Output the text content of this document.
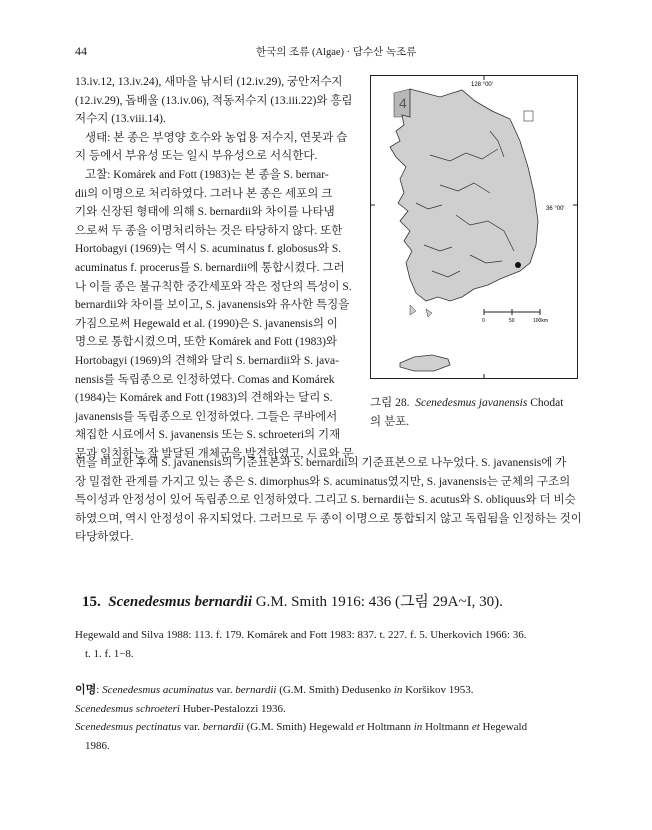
44	한국의 조류 (Algae) · 담수산 녹조류
13.iv.12, 13.iv.24), 새마을 낚시터 (12.iv.29), 궁안저수지
(12.iv.29), 돕배울 (13.iv.06), 적동저수지 (13.iii.22)와 흥림
저수지 (13.viii.14).
생태: 본 종은 부영양 호수와 농업용 저수지, 연못과 습
지 등에서 부유성 또는 일시 부유성으로 서식한다.
고찰: Komárek and Fott (1983)는 본 종을 S. bernar-
dii의 이명으로 처리하였다. 그러나 본 종은 세포의 크
기와 신장된 형태에 의해 S. bernardii와 차이를 나타냄
으로써 두 종을 이명처리하는 것은 타당하지 않다. 또한
Hortobagyi (1969)는 역시 S. acuminatus f. globosus와 S.
acuminatus f. procerus를 S. bernardii에 통합시켰다. 그러
나 이들 종은 불규칙한 중간세포와 작은 정단의 특성이 S.
bernardii와 차이를 보이고, S. javanensis와 유사한 특징을
가짐으로써 Hegewald et al. (1990)은 S. javanensis의 이
명으로 통합시켰으며, 또한 Komárek and Fott (1983)와
Hortobagyi (1969)의 견해와 달리 S. bernardii와 S. java-
nensis를 독립종으로 인정하였다. Comas and Komárek
(1984)는 Komárek and Fott (1983)의 견해와는 달리 S.
javanensis를 독립종으로 인정하였다. 그들은 쿠바에서
채집한 시료에서 S. javanensis 또는 S. schroeteri의 기재
문과 일치하는 잘 발달된 개체군을 발견하였고, 시료와 문
헌을 비교한 후에 S. javanensis의 기준표본과 S. bernardii의 기준표본으로 나누었다. S. javanensis에 가
장 밀접한 관계를 가지고 있는 종은 S. dimorphus와 S. acuminatus였지만, S. javanensis는 군체의 구조의
특이성과 안정성이 있어 독립종으로 인정하였다. 그리고 S. bernardii는 S. acutus와 S. obliquus와 더 비슷
하였으며, 역시 안정성이 유지되었다. 그러므로 두 종이 이명으로 통합되지 않고 독립됨을 인정하는 것이
타당하였다.
128 °00'
36 °00'
4
0	50	100km
그림 28. Scenedesmus javanensis Chodat
의 분포.
15. Scenedesmus bernardii G.M. Smith 1916: 436 (그림 29A~I, 30).
Hegewald and Silva 1988: 113. f. 179. Komárek and Fott 1983: 837. t. 227. f. 5. Uherkovich 1966: 36.
t. 1. f. 1−8.
이명: Scenedesmus acuminatus var. bernardii (G.M. Smith) Dedusenko in Koršikov 1953.
Scenedesmus schroeteri Huber-Pestalozzi 1936.
Scenedesmus pectinatus var. bernardii (G.M. Smith) Hegewald et Holtmann in Holtmann et Hegewald
1986.
